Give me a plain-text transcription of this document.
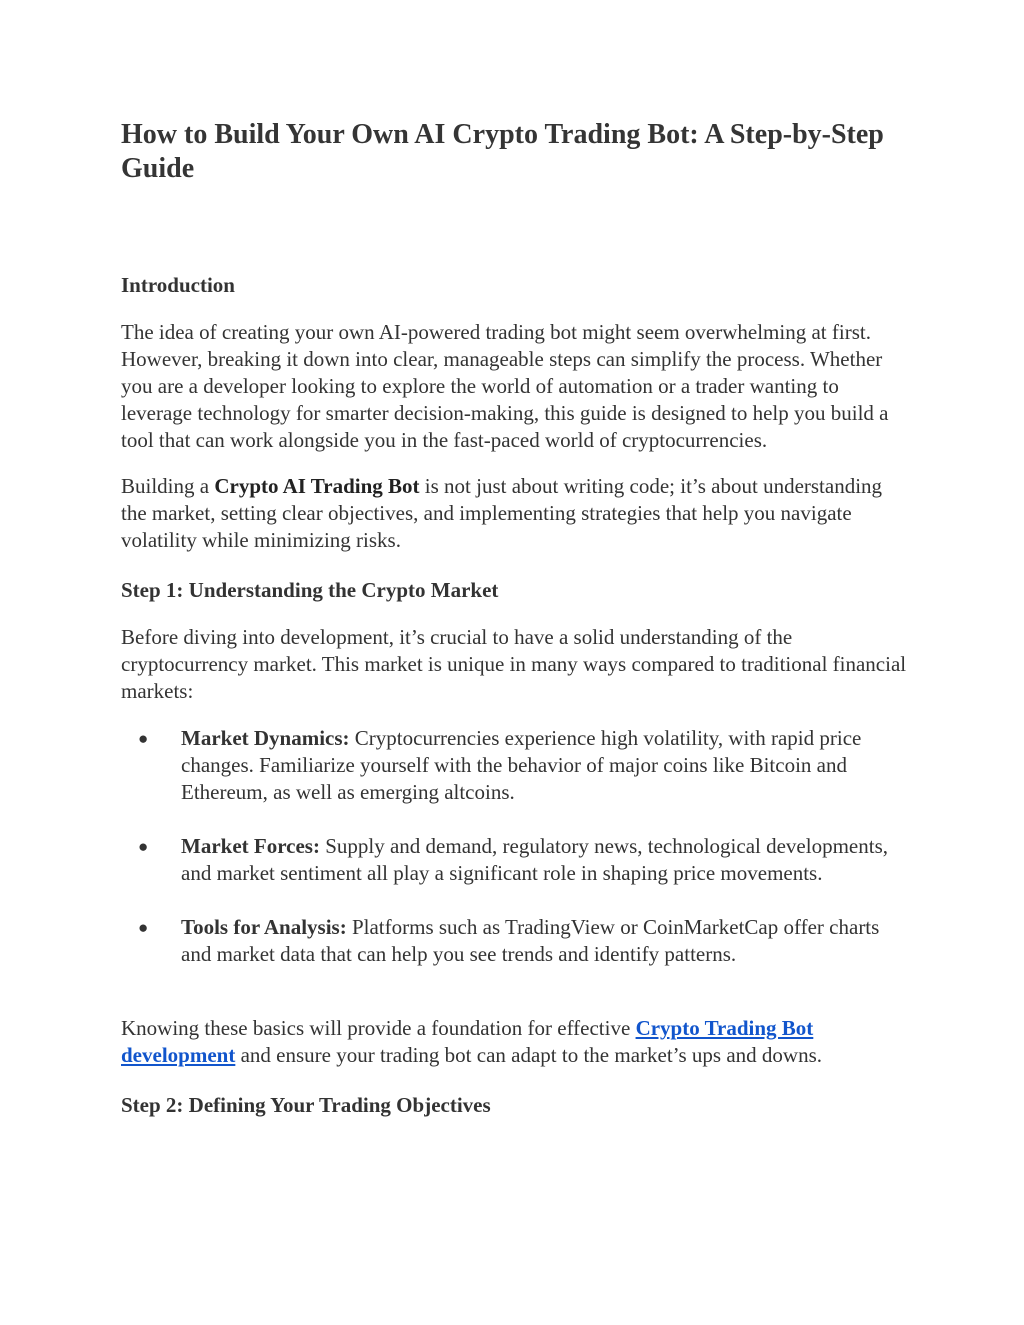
How to Build Your Own AI Crypto Trading Bot: A Step-by-Step Guide
Introduction

The idea of creating your own AI-powered trading bot might seem overwhelming at first. However, breaking it down into clear, manageable steps can simplify the process. Whether you are a developer looking to explore the world of automation or a trader wanting to leverage technology for smarter decision-making, this guide is designed to help you build a tool that can work alongside you in the fast-paced world of cryptocurrencies.

Building a Crypto AI Trading Bot is not just about writing code; it’s about understanding the market, setting clear objectives, and implementing strategies that help you navigate volatility while minimizing risks.

Step 1: Understanding the Crypto Market

Before diving into development, it’s crucial to have a solid understanding of the cryptocurrency market. This market is unique in many ways compared to traditional financial markets:

● Market Dynamics: Cryptocurrencies experience high volatility, with rapid price changes. Familiarize yourself with the behavior of major coins like Bitcoin and Ethereum, as well as emerging altcoins.
● Market Forces: Supply and demand, regulatory news, technological developments, and market sentiment all play a significant role in shaping price movements.
● Tools for Analysis: Platforms such as TradingView or CoinMarketCap offer charts and market data that can help you see trends and identify patterns.

Knowing these basics will provide a foundation for effective Crypto Trading Bot development and ensure your trading bot can adapt to the market’s ups and downs.

Step 2: Defining Your Trading Objectives
